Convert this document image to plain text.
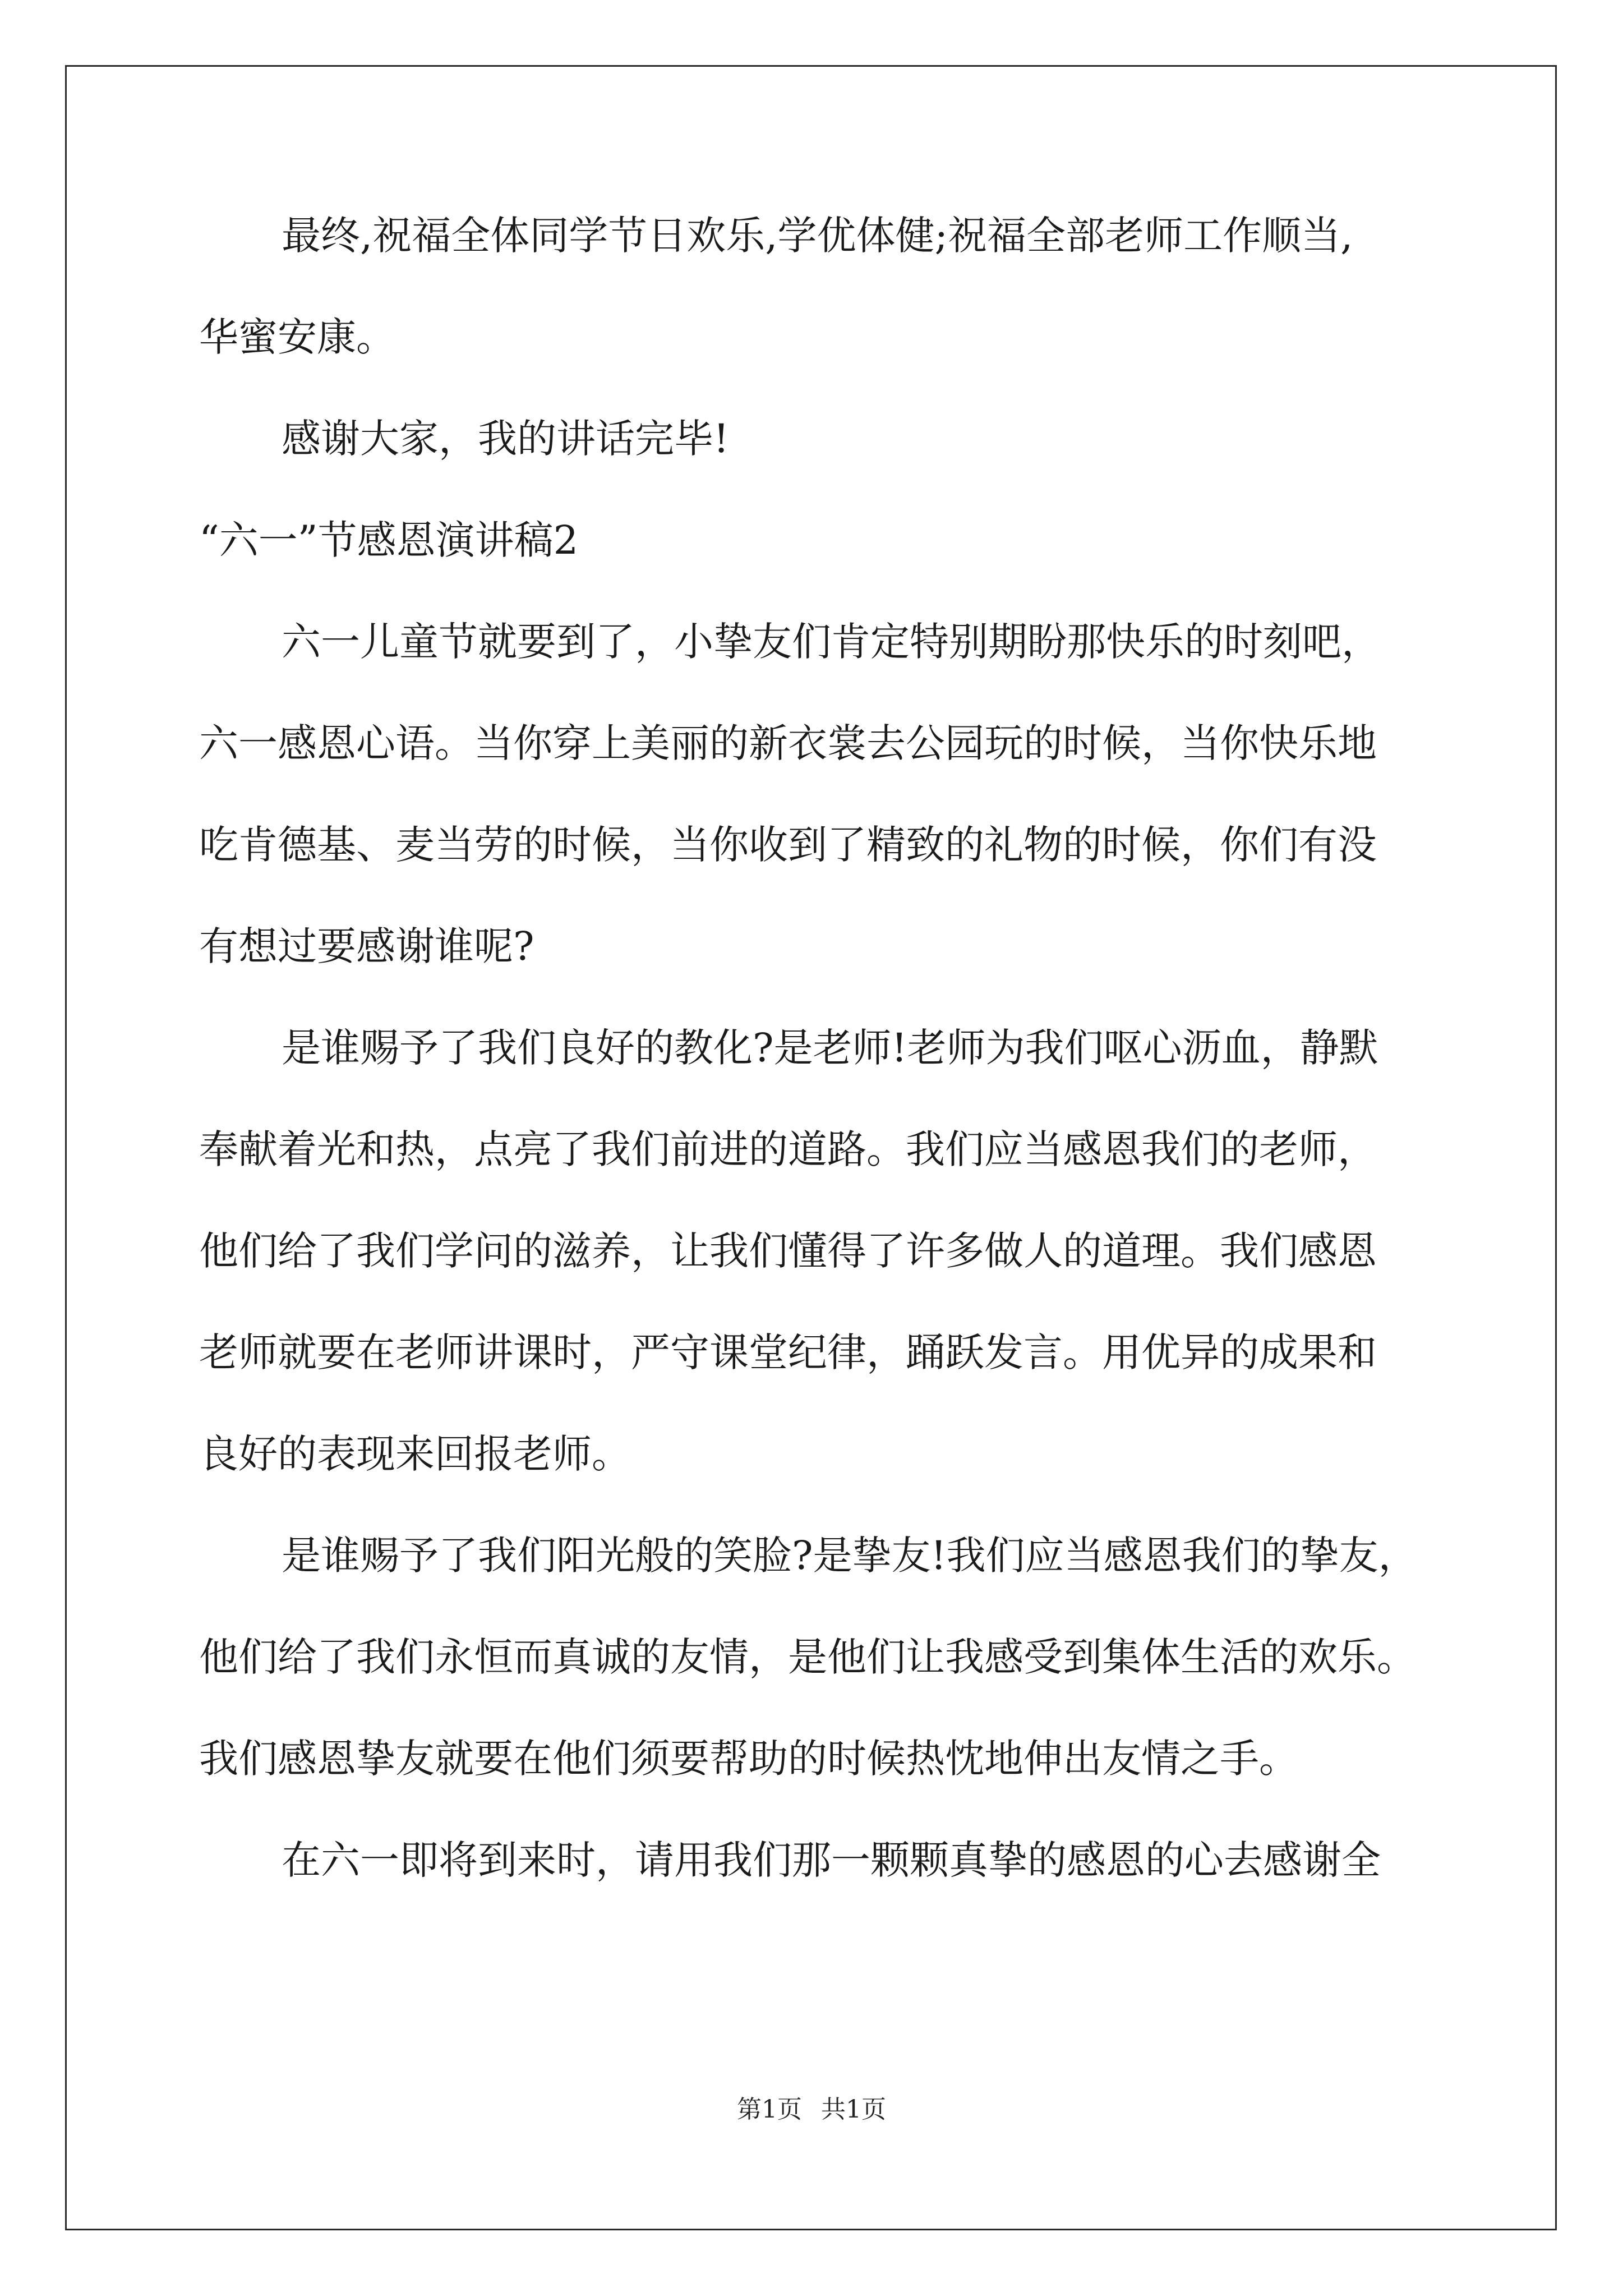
最终,祝福全体同学节日欢乐,学优体健;祝福全部老师工作顺当,
华蜜安康。
感谢大家，我的讲话完毕!
“六一”节感恩演讲稿2
六一儿童节就要到了，小挚友们肯定特别期盼那快乐的时刻吧，
六一感恩心语。当你穿上美丽的新衣裳去公园玩的时候，当你快乐地
吃肯德基、麦当劳的时候，当你收到了精致的礼物的时候，你们有没
有想过要感谢谁呢?
是谁赐予了我们良好的教化?是老师!老师为我们呕心沥血，静默
奉献着光和热，点亮了我们前进的道路。我们应当感恩我们的老师，
他们给了我们学问的滋养，让我们懂得了许多做人的道理。我们感恩
老师就要在老师讲课时，严守课堂纪律，踊跃发言。用优异的成果和
良好的表现来回报老师。
是谁赐予了我们阳光般的笑脸?是挚友!我们应当感恩我们的挚友，
他们给了我们永恒而真诚的友情，是他们让我感受到集体生活的欢乐。
我们感恩挚友就要在他们须要帮助的时候热忱地伸出友情之手。
在六一即将到来时，请用我们那一颗颗真挚的感恩的心去感谢全
第1页 共1页
